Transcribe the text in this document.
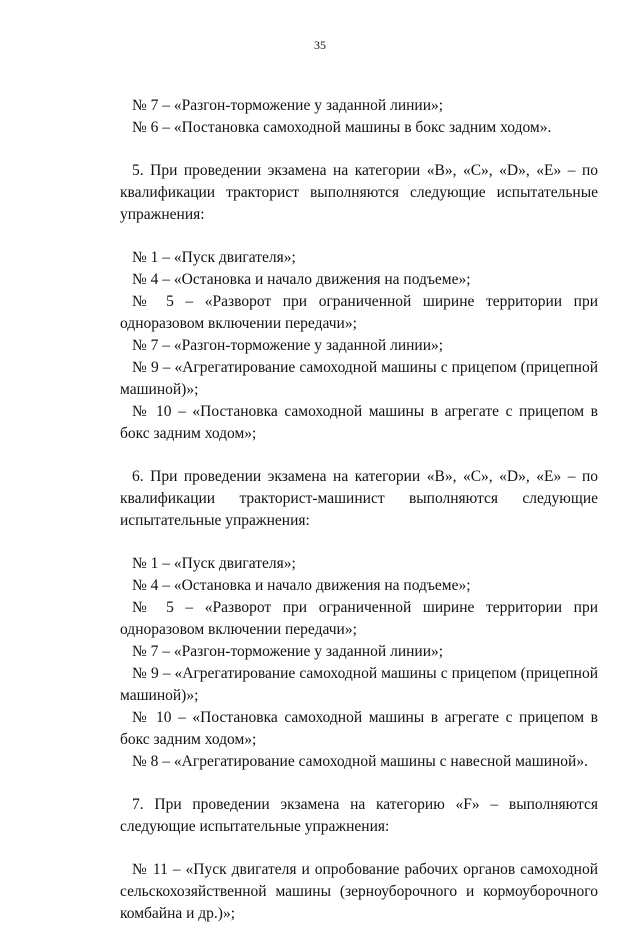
35

№ 7 – «Разгон-торможение у заданной линии»;

№ 6 – «Постановка самоходной машины в бокс задним ходом».

5. При проведении экзамена на категории «B», «C», «D», «E» – по квалификации тракторист выполняются следующие испытательные упражнения:

№ 1 – «Пуск двигателя»;

№ 4 – «Остановка и начало движения на подъеме»;

№ 5 – «Разворот при ограниченной ширине территории при одноразовом включении передачи»;

№ 7 – «Разгон-торможение у заданной линии»;

№ 9 – «Агрегатирование самоходной машины с прицепом (прицепной машиной)»;

№ 10 – «Постановка самоходной машины в агрегате с прицепом в бокс задним ходом»;

6. При проведении экзамена на категории «B», «C», «D», «E» – по квалификации тракторист-машинист выполняются следующие испытательные упражнения:

№ 1 – «Пуск двигателя»;

№ 4 – «Остановка и начало движения на подъеме»;

№ 5 – «Разворот при ограниченной ширине территории при одноразовом включении передачи»;

№ 7 – «Разгон-торможение у заданной линии»;

№ 9 – «Агрегатирование самоходной машины с прицепом (прицепной машиной)»;

№ 10 – «Постановка самоходной машины в агрегате с прицепом в бокс задним ходом»;

№ 8 – «Агрегатирование самоходной машины с навесной машиной».

7. При проведении экзамена на категорию «F» – выполняются следующие испытательные упражнения:

№ 11 – «Пуск двигателя и опробование рабочих органов самоходной сельскохозяйственной машины (зерноуборочного и кормоуборочного комбайна и др.)»;
